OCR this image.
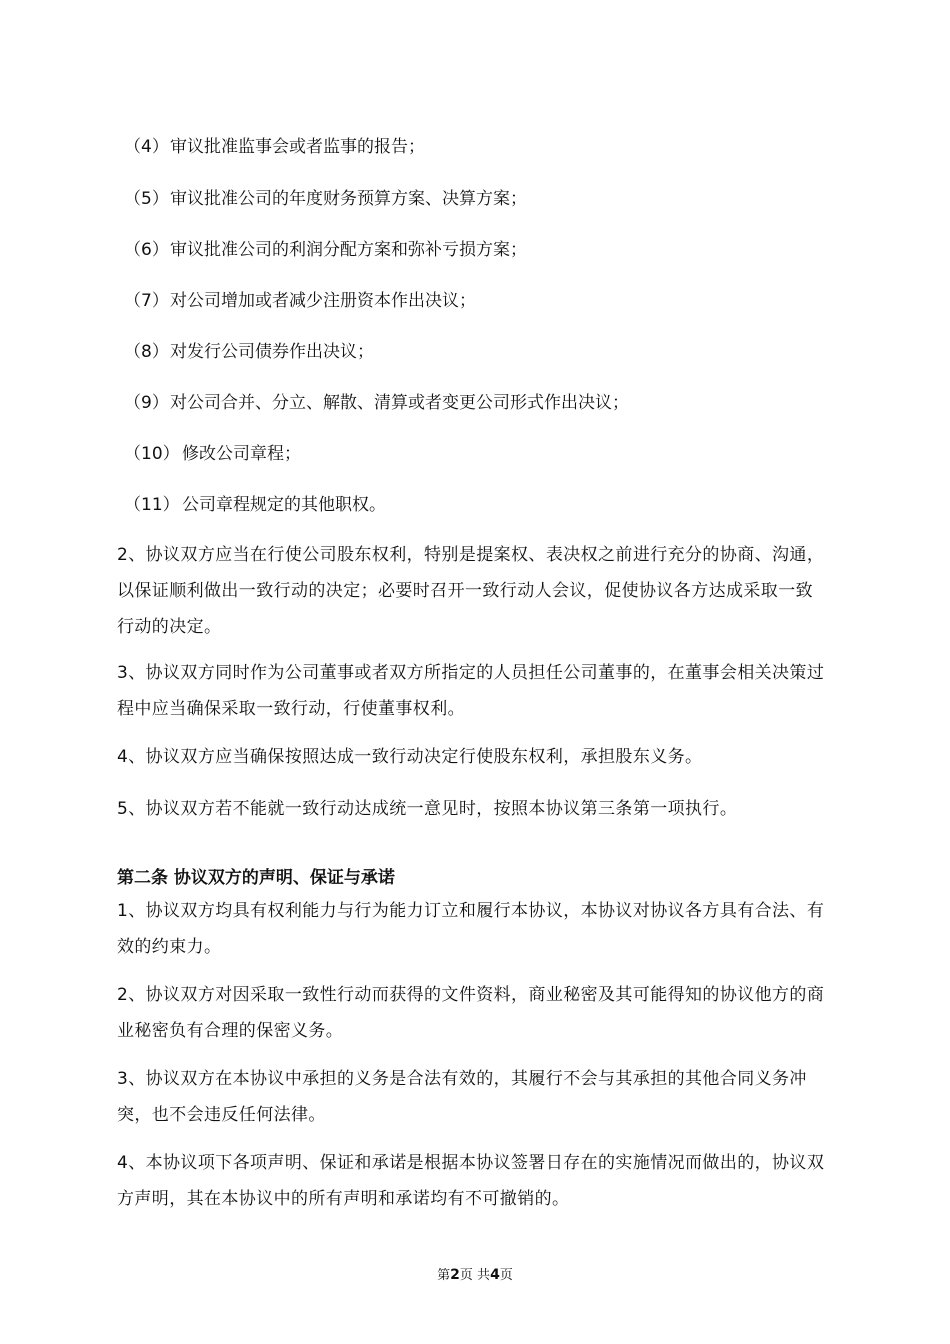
（4）审议批准监事会或者监事的报告；
（5）审议批准公司的年度财务预算方案、决算方案；
（6）审议批准公司的利润分配方案和弥补亏损方案；
（7）对公司增加或者减少注册资本作出决议；
（8）对发行公司债券作出决议；
（9）对公司合并、分立、解散、清算或者变更公司形式作出决议；
（10） 修改公司章程；
（11） 公司章程规定的其他职权。
2、协议双方应当在行使公司股东权利，特别是提案权、表决权之前进行充分的协商、沟通，以保证顺利做出一致行动的决定；必要时召开一致行动人会议，促使协议各方达成采取一致行动的决定。
3、协议双方同时作为公司董事或者双方所指定的人员担任公司董事的，在董事会相关决策过程中应当确保采取一致行动，行使董事权利。
4、协议双方应当确保按照达成一致行动决定行使股东权利，承担股东义务。
5、协议双方若不能就一致行动达成统一意见时，按照本协议第三条第一项执行。
第二条 协议双方的声明、保证与承诺
1、协议双方均具有权利能力与行为能力订立和履行本协议，本协议对协议各方具有合法、有效的约束力。
2、协议双方对因采取一致性行动而获得的文件资料，商业秘密及其可能得知的协议他方的商业秘密负有合理的保密义务。
3、协议双方在本协议中承担的义务是合法有效的，其履行不会与其承担的其他合同义务冲突，也不会违反任何法律。
4、本协议项下各项声明、保证和承诺是根据本协议签署日存在的实施情况而做出的，协议双方声明，其在本协议中的所有声明和承诺均有不可撤销的。
第2页 共4页
